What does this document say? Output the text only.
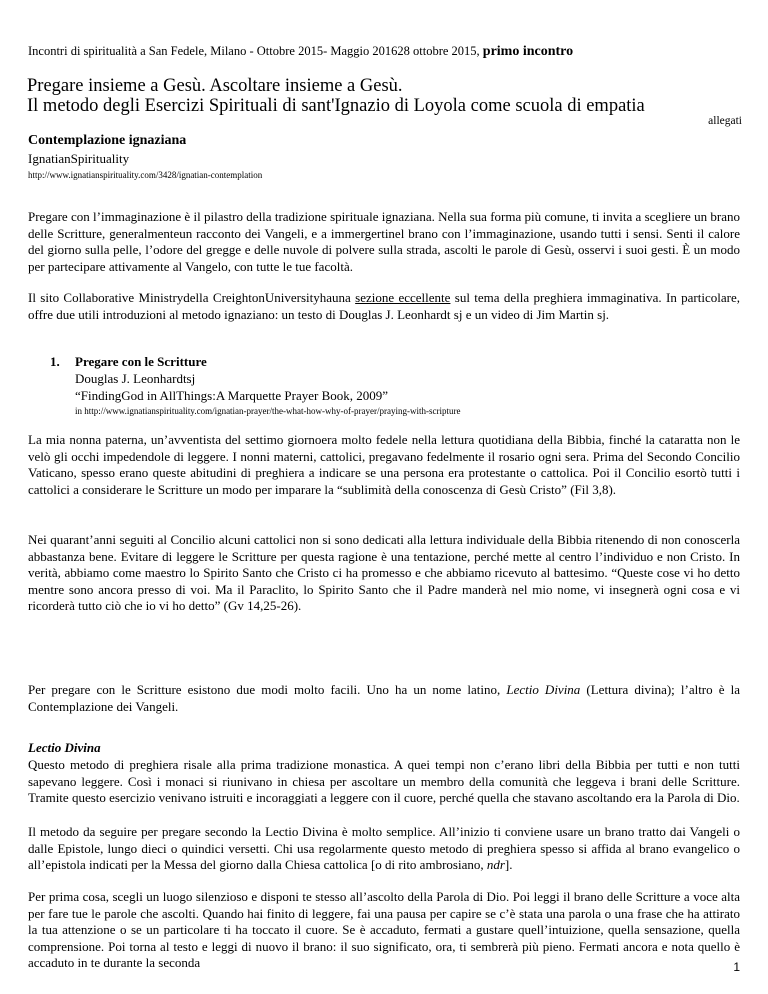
Incontri di spiritualità a San Fedele, Milano - Ottobre 2015- Maggio 201628 ottobre 2015, primo incontro
Pregare insieme a Gesù. Ascoltare insieme a Gesù.
Il metodo degli Esercizi Spirituali di sant'Ignazio di Loyola come scuola di empatia
allegati
Contemplazione ignaziana
IgnatianSpirituality
http://www.ignatianspirituality.com/3428/ignatian-contemplation

Pregare con l’immaginazione è il pilastro della tradizione spirituale ignaziana. Nella sua forma più comune, ti invita a scegliere un brano delle Scritture, generalmenteun racconto dei Vangeli, e a immergertinel brano con l’immaginazione, usando tutti i sensi. Senti il calore del giorno sulla pelle, l’odore del gregge e delle nuvole di polvere sulla strada, ascolti le parole di Gesù, osservi i suoi gesti. È un modo per partecipare attivamente al Vangelo, con tutte le tue facoltà.

Il sito Collaborative Ministrydella CreightonUniversityhauna sezione eccellente sul tema della preghiera immaginativa. In particolare, offre due utili introduzioni al metodo ignaziano: un testo di Douglas J. Leonhardt sj e un video di Jim Martin sj.

1. Pregare con le Scritture
Douglas J. Leonhardtsj
“FindingGod in AllThings:A Marquette Prayer Book, 2009”
in http://www.ignatianspirituality.com/ignatian-prayer/the-what-how-why-of-prayer/praying-with-scripture

La mia nonna paterna, un’avventista del settimo giornoera molto fedele nella lettura quotidiana della Bibbia, finché la cataratta non le velò gli occhi impedendole di leggere. I nonni materni, cattolici, pregavano fedelmente il rosario ogni sera. Prima del Secondo Concilio Vaticano, spesso erano queste abitudini di preghiera a indicare se una persona era protestante o cattolica. Poi il Concilio esortò tutti i cattolici a considerare le Scritture un modo per imparare la “sublimità della conoscenza di Gesù Cristo” (Fil 3,8).

Nei quarant’anni seguiti al Concilio alcuni cattolici non si sono dedicati alla lettura individuale della Bibbia ritenendo di non conoscerla abbastanza bene. Evitare di leggere le Scritture per questa ragione è una tentazione, perché mette al centro l’individuo e non Cristo. In verità, abbiamo come maestro lo Spirito Santo che Cristo ci ha promesso e che abbiamo ricevuto al battesimo. “Queste cose vi ho detto mentre sono ancora presso di voi. Ma il Paraclito, lo Spirito Santo che il Padre manderà nel mio nome, vi insegnerà ogni cosa e vi ricorderà tutto ciò che io vi ho detto” (Gv 14,25-26).

Per pregare con le Scritture esistono due modi molto facili. Uno ha un nome latino, Lectio Divina (Lettura divina); l’altro è la Contemplazione dei Vangeli.

Lectio Divina

Questo metodo di preghiera risale alla prima tradizione monastica. A quei tempi non c’erano libri della Bibbia per tutti e non tutti sapevano leggere. Così i monaci si riunivano in chiesa per ascoltare un membro della comunità che leggeva i brani delle Scritture. Tramite questo esercizio venivano istruiti e incoraggiati a leggere con il cuore, perché quella che stavano ascoltando era la Parola di Dio.

Il metodo da seguire per pregare secondo la Lectio Divina è molto semplice. All’inizio ti conviene usare un brano tratto dai Vangeli o dalle Epistole, lungo dieci o quindici versetti. Chi usa regolarmente questo metodo di preghiera spesso si affida al brano evangelico o all’epistola indicati per la Messa del giorno dalla Chiesa cattolica [o di rito ambrosiano, ndr].

Per prima cosa, scegli un luogo silenzioso e disponi te stesso all’ascolto della Parola di Dio. Poi leggi il brano delle Scritture a voce alta per fare tue le parole che ascolti. Quando hai finito di leggere, fai una pausa per capire se c’è stata una parola o una frase che ha attirato la tua attenzione o se un particolare ti ha toccato il cuore. Se è accaduto, fermati a gustare quell’intuizione, quella sensazione, quella comprensione. Poi torna al testo e leggi di nuovo il brano: il suo significato, ora, ti sembrerà più pieno. Fermati ancora e nota quello è accaduto in te durante la seconda	1
